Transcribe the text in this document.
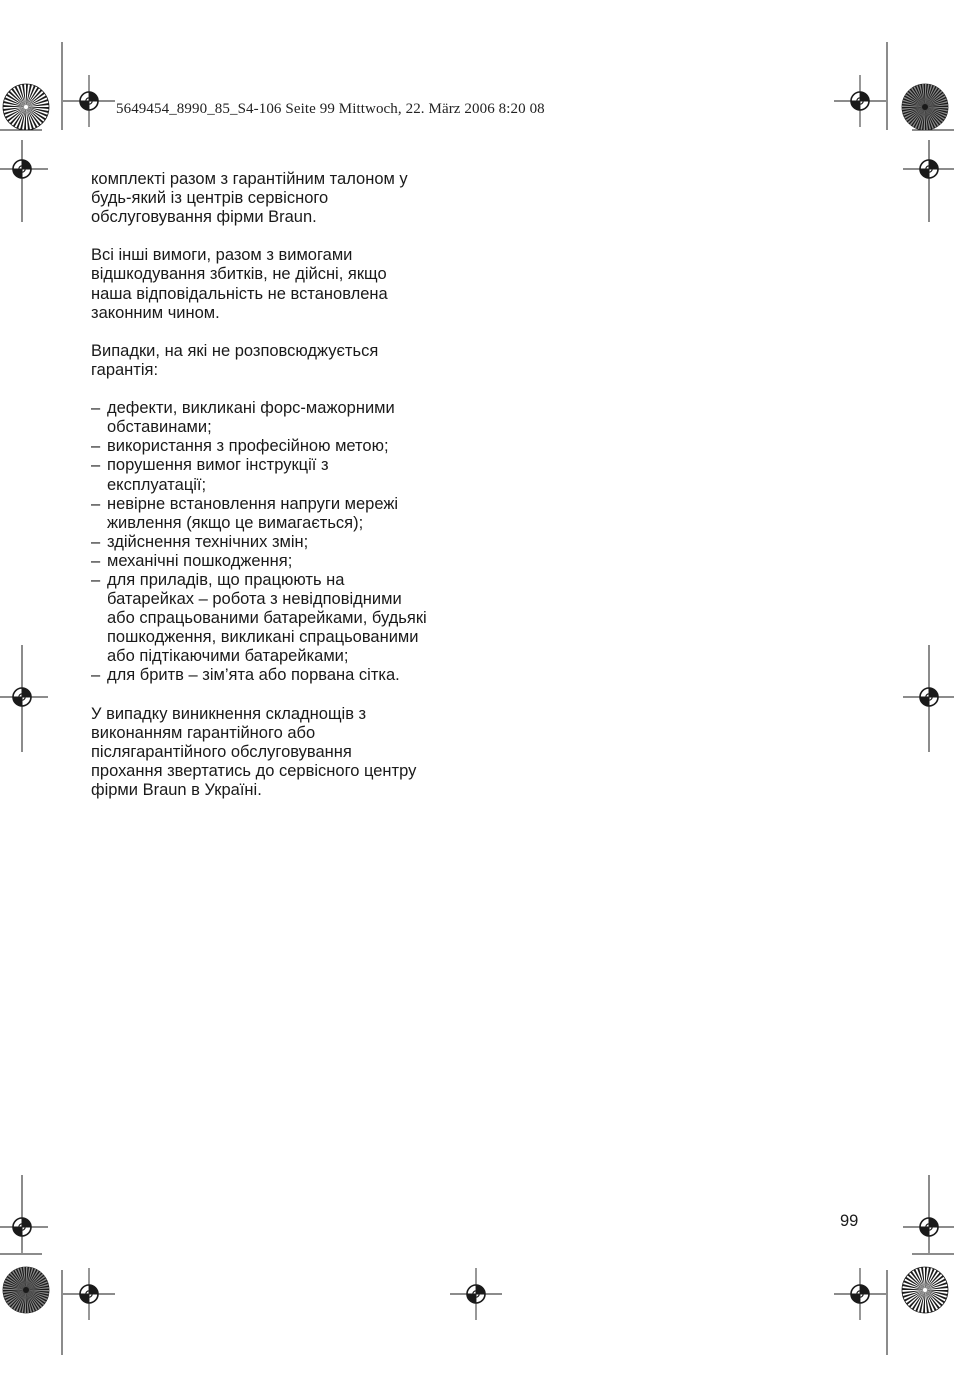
5649454_8990_85_S4-106 Seite 99 Mittwoch, 22. März 2006 8:20 08

комплекті разом з гарантійним талоном у
будь-який із центрів сервісного
обслуговування фірми Braun.

Всі інші вимоги, разом з вимогами
відшкодування збитків, не дійсні, якщо
наша відповідальність не встановлена
законним чином.

Випадки, на які не розповсюджується
гарантія:

– дефекти, викликані форс-мажорними
обставинами;
– використання з професійною метою;
– порушення вимог інструкції з
експлуатації;
– невірне встановлення напруги мережі
живлення (якщо це вимагається);
– здійснення технічних змін;
– механічні пошкодження;
– для приладів, що працюють на
батарейках – робота з невідповідними
або спрацьованими батарейками, будьякі
пошкодження, викликані спрацьованими
або підтікаючими батарейками;
– для бритв – зім’ята або порвана сітка.

У випадку виникнення складнощів з
виконанням гарантійного або
післягарантійного обслуговування
прохання звертатись до сервісного центру
фірми Braun в Україні.

99
